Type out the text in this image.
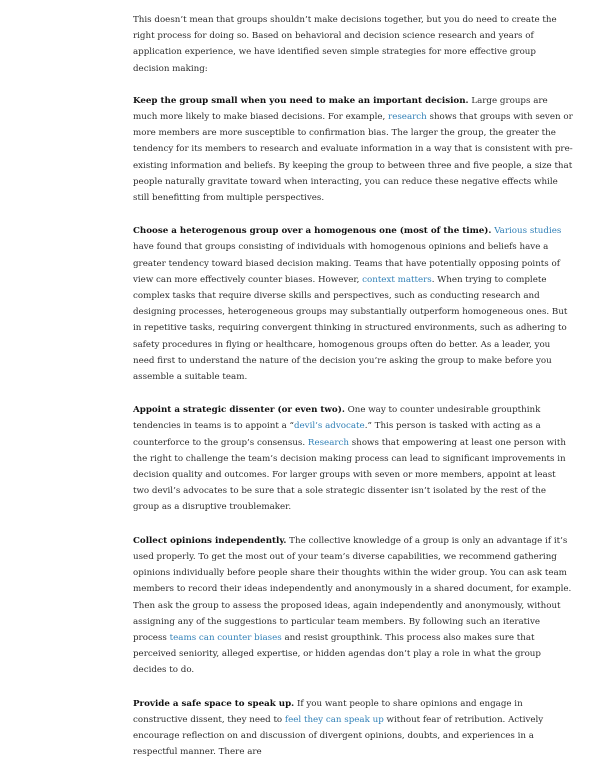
This doesn’t mean that groups shouldn’t make decisions together, but you do need to create the right process for doing so. Based on behavioral and decision science research and years of application experience, we have identified seven simple strategies for more effective group decision making:

Keep the group small when you need to make an important decision. Large groups are much more likely to make biased decisions. For example, research shows that groups with seven or more members are more susceptible to confirmation bias. The larger the group, the greater the tendency for its members to research and evaluate information in a way that is consistent with pre-existing information and beliefs. By keeping the group to between three and five people, a size that people naturally gravitate toward when interacting, you can reduce these negative effects while still benefitting from multiple perspectives.

Choose a heterogenous group over a homogenous one (most of the time). Various studies have found that groups consisting of individuals with homogenous opinions and beliefs have a greater tendency toward biased decision making. Teams that have potentially opposing points of view can more effectively counter biases. However, context matters. When trying to complete complex tasks that require diverse skills and perspectives, such as conducting research and designing processes, heterogeneous groups may substantially outperform homogeneous ones. But in repetitive tasks, requiring convergent thinking in structured environments, such as adhering to safety procedures in flying or healthcare, homogenous groups often do better. As a leader, you need first to understand the nature of the decision you’re asking the group to make before you assemble a suitable team.

Appoint a strategic dissenter (or even two). One way to counter undesirable groupthink tendencies in teams is to appoint a “devil’s advocate.” This person is tasked with acting as a counterforce to the group’s consensus. Research shows that empowering at least one person with the right to challenge the team’s decision making process can lead to significant improvements in decision quality and outcomes. For larger groups with seven or more members, appoint at least two devil’s advocates to be sure that a sole strategic dissenter isn’t isolated by the rest of the group as a disruptive troublemaker.

Collect opinions independently. The collective knowledge of a group is only an advantage if it’s used properly. To get the most out of your team’s diverse capabilities, we recommend gathering opinions individually before people share their thoughts within the wider group. You can ask team members to record their ideas independently and anonymously in a shared document, for example. Then ask the group to assess the proposed ideas, again independently and anonymously, without assigning any of the suggestions to particular team members. By following such an iterative process teams can counter biases and resist groupthink. This process also makes sure that perceived seniority, alleged expertise, or hidden agendas don’t play a role in what the group decides to do.

Provide a safe space to speak up. If you want people to share opinions and engage in constructive dissent, they need to feel they can speak up without fear of retribution. Actively encourage reflection on and discussion of divergent opinions, doubts, and experiences in a respectful manner. There are
